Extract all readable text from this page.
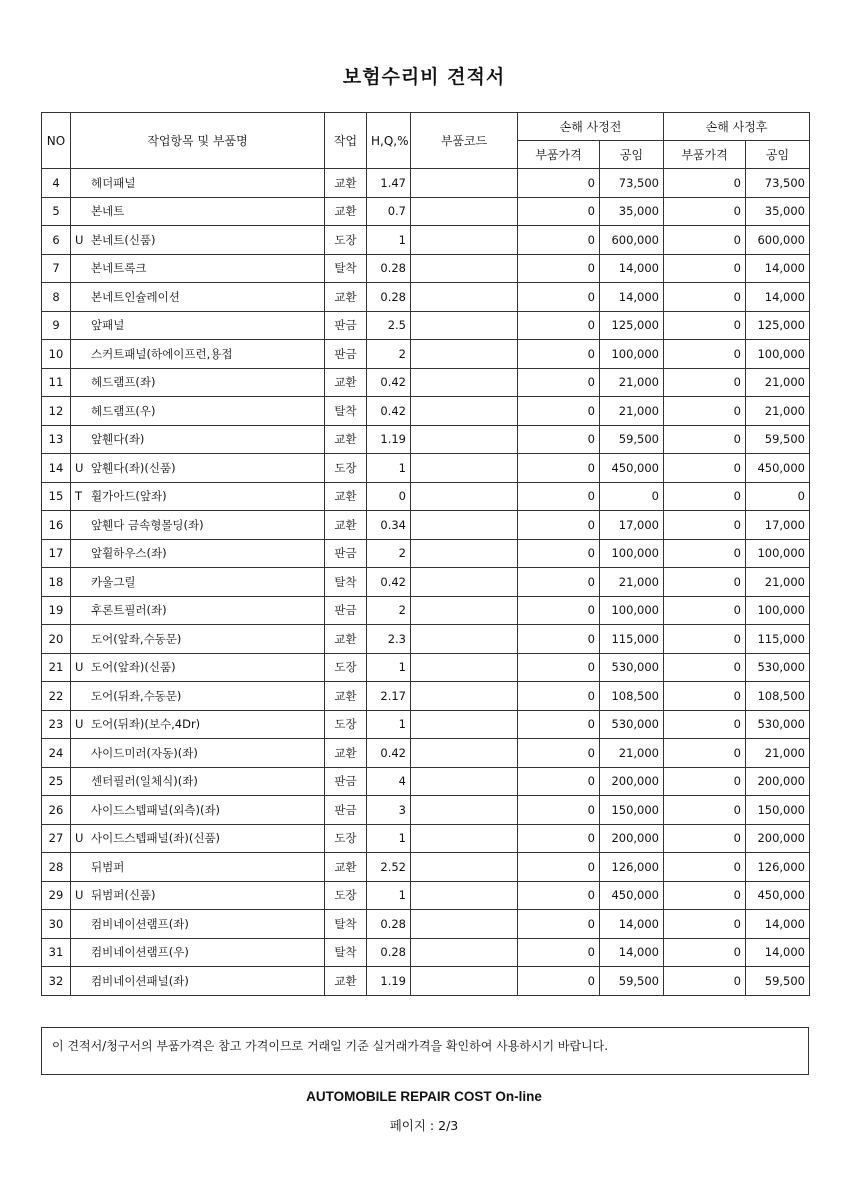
보험수리비 견적서
NO	작업항목 및 부품명	작업	H,Q,%	부품코드	손해 사정전		손해 사정후	
					부품가격	공임	부품가격	공임
4	헤더패널	교환	1.47		0	73,500	0	73,500
5	본네트	교환	0.7		0	35,000	0	35,000
6	U 본네트(신품)	도장	1		0	600,000	0	600,000
7	본네트록크	탈착	0.28		0	14,000	0	14,000
8	본네트인슐레이션	교환	0.28		0	14,000	0	14,000
9	앞패널	판금	2.5		0	125,000	0	125,000
10	스커트패널(하에이프런,용접	판금	2		0	100,000	0	100,000
11	헤드램프(좌)	교환	0.42		0	21,000	0	21,000
12	헤드램프(우)	탈착	0.42		0	21,000	0	21,000
13	앞휀다(좌)	교환	1.19		0	59,500	0	59,500
14	U 앞휀다(좌)(신품)	도장	1		0	450,000	0	450,000
15	T 휠가아드(앞좌)	교환	0		0	0	0	0
16	앞휀다 금속형몰딩(좌)	교환	0.34		0	17,000	0	17,000
17	앞휠하우스(좌)	판금	2		0	100,000	0	100,000
18	카울그릴	탈착	0.42		0	21,000	0	21,000
19	후론트필러(좌)	판금	2		0	100,000	0	100,000
20	도어(앞좌,수동문)	교환	2.3		0	115,000	0	115,000
21	U 도어(앞좌)(신품)	도장	1		0	530,000	0	530,000
22	도어(뒤좌,수동문)	교환	2.17		0	108,500	0	108,500
23	U 도어(뒤좌)(보수,4Dr)	도장	1		0	530,000	0	530,000
24	사이드미러(자동)(좌)	교환	0.42		0	21,000	0	21,000
25	센터필러(일체식)(좌)	판금	4		0	200,000	0	200,000
26	사이드스텝패널(외측)(좌)	판금	3		0	150,000	0	150,000
27	U 사이드스텝패널(좌)(신품)	도장	1		0	200,000	0	200,000
28	뒤범퍼	교환	2.52		0	126,000	0	126,000
29	U 뒤범퍼(신품)	도장	1		0	450,000	0	450,000
30	컴비네이션램프(좌)	탈착	0.28		0	14,000	0	14,000
31	컴비네이션램프(우)	탈착	0.28		0	14,000	0	14,000
32	컴비네이션패널(좌)	교환	1.19		0	59,500	0	59,500
이 견적서/청구서의 부품가격은 참고 가격이므로 거래일 기준 실거래가격을 확인하여 사용하시기 바랍니다.
AUTOMOBILE REPAIR COST On-line
페이지 : 2/3
